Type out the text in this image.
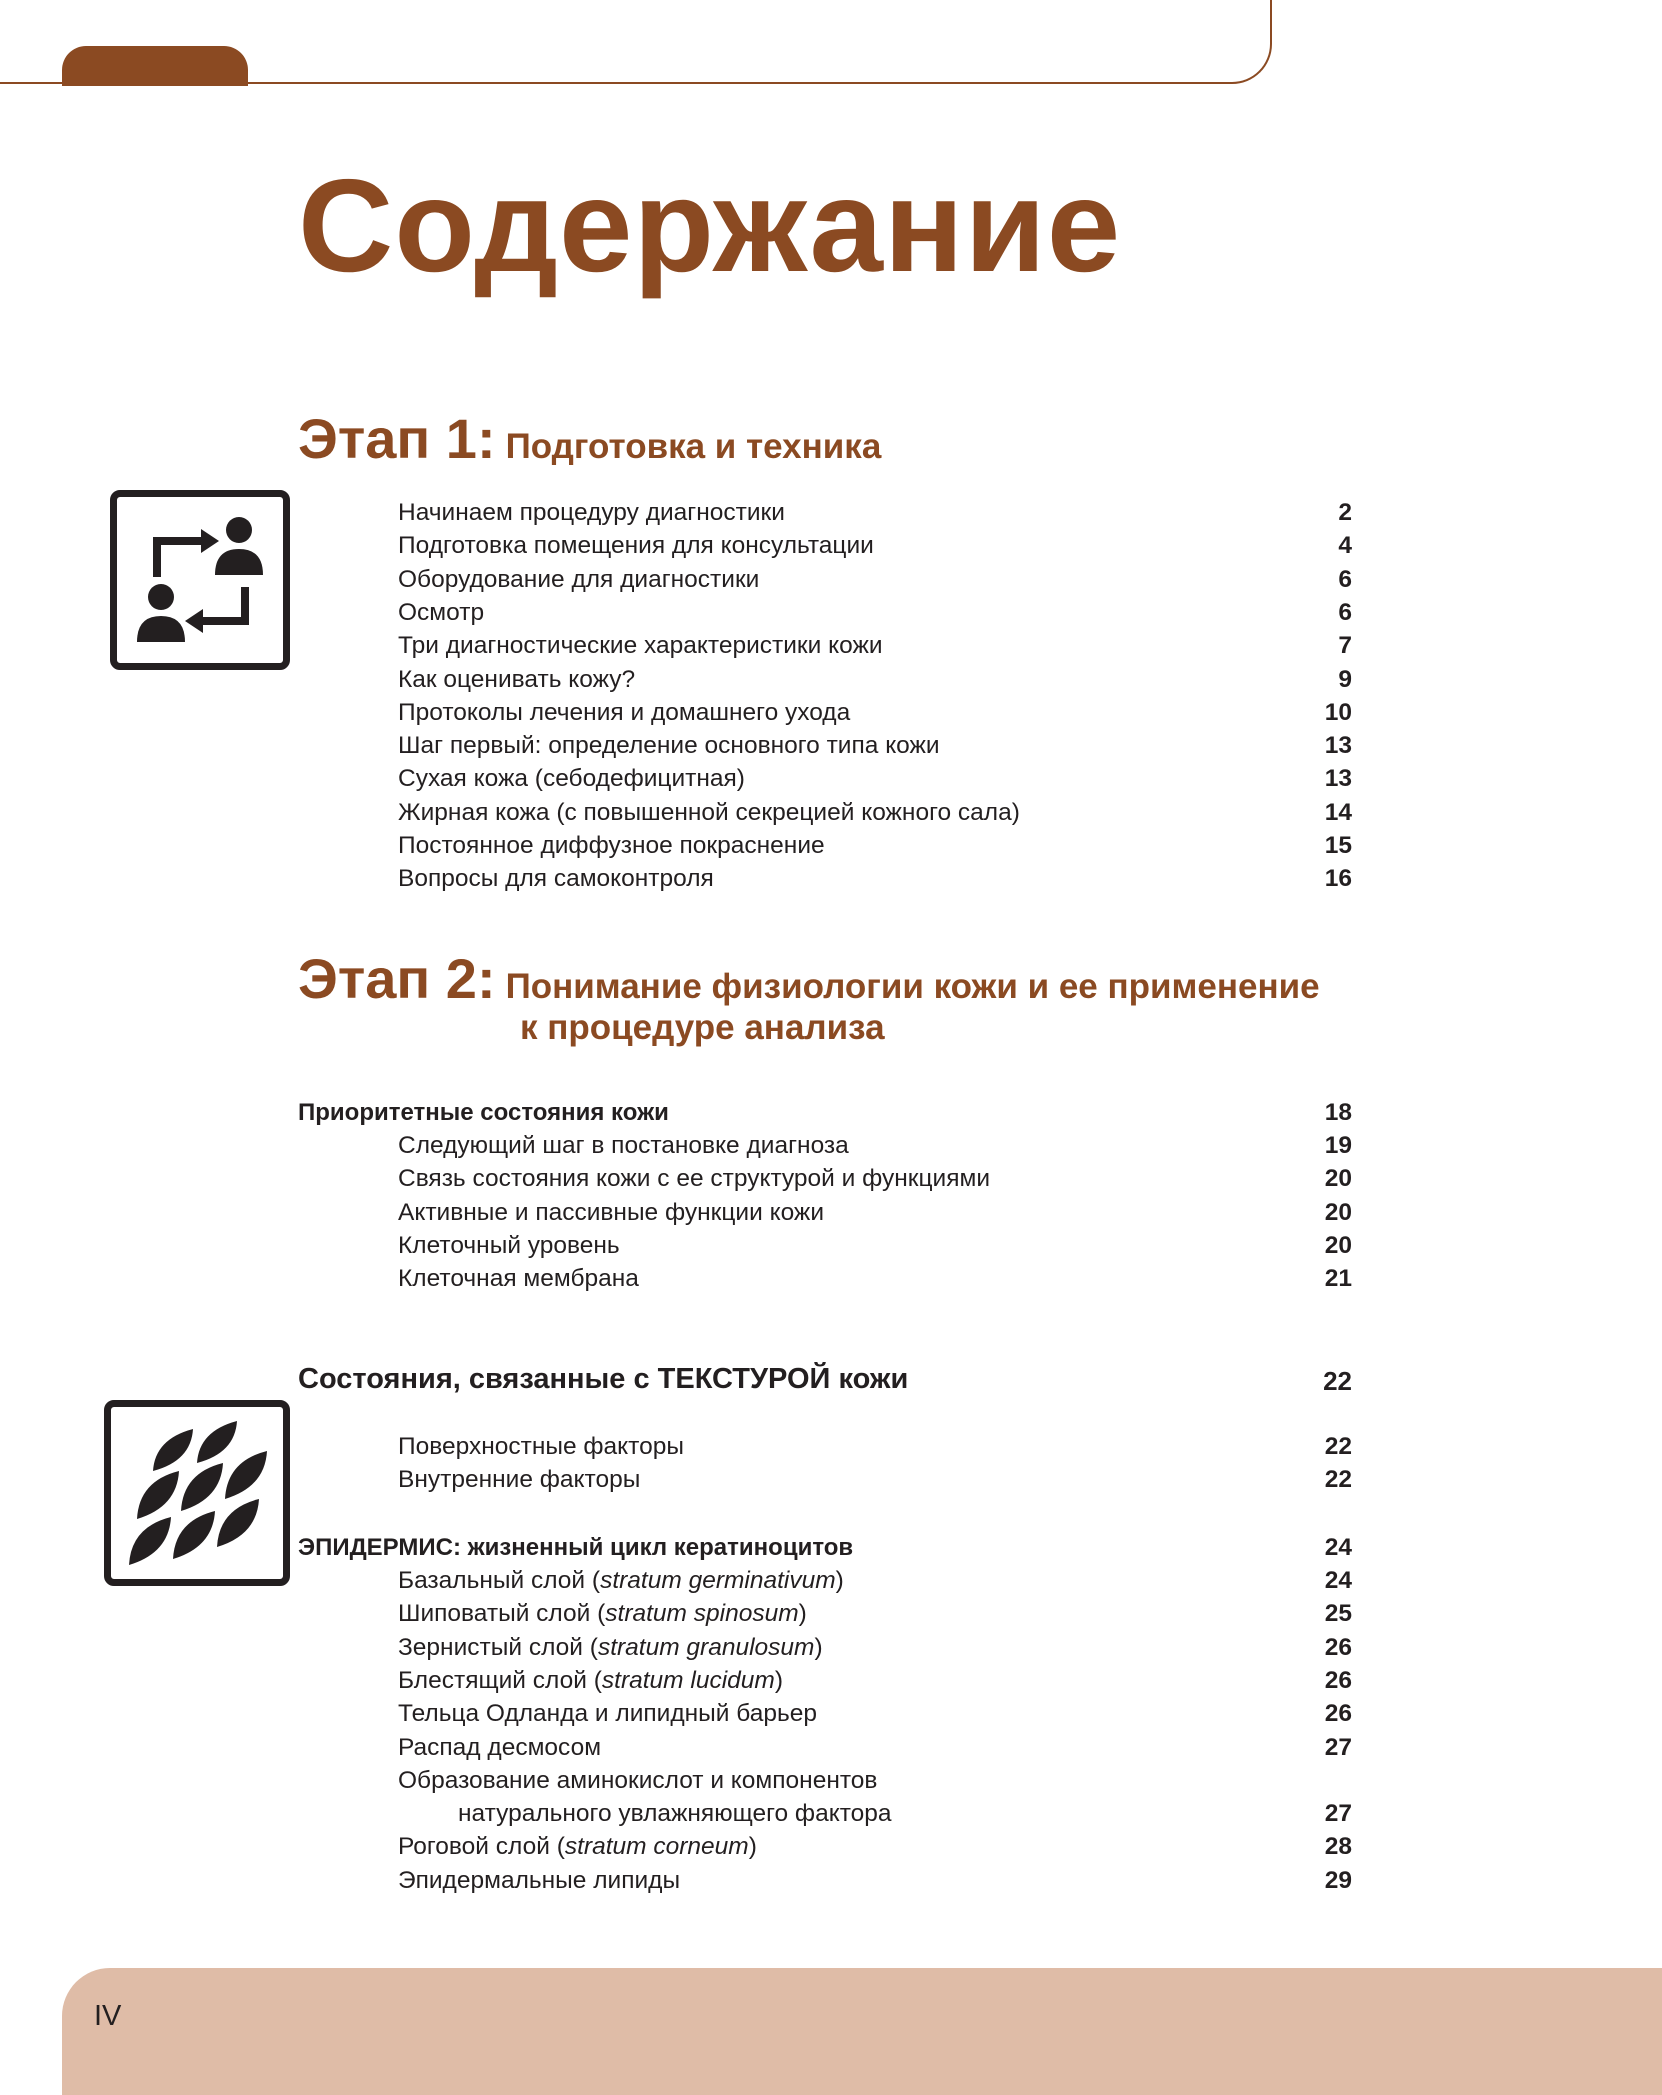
Содержание
Этап 1: Подготовка и техника
Начинаем процедуру диагностики	2
Подготовка помещения для консультации	4
Оборудование для диагностики	6
Осмотр	6
Три диагностические характеристики кожи	7
Как оценивать кожу?	9
Протоколы лечения и домашнего ухода	10
Шаг первый: определение основного типа кожи	13
Сухая кожа (себодефицитная)	13
Жирная кожа (с повышенной секрецией кожного сала)	14
Постоянное диффузное покраснение	15
Вопросы для самоконтроля	16
Этап 2: Понимание физиологии кожи и ее применение
к процедуре анализа
Приоритетные состояния кожи	18
Следующий шаг в постановке диагноза	19
Связь состояния кожи с ее структурой и функциями	20
Активные и пассивные функции кожи	20
Клеточный уровень	20
Клеточная мембрана	21
Состояния, связанные с ТЕКСТУРОЙ кожи	22
Поверхностные факторы	22
Внутренние факторы	22
ЭПИДЕРМИС: жизненный цикл кератиноцитов	24
Базальный слой (stratum germinativum)	24
Шиповатый слой (stratum spinosum)	25
Зернистый слой (stratum granulosum)	26
Блестящий слой (stratum lucidum)	26
Тельца Одланда и липидный барьер	26
Распад десмосом	27
Образование аминокислот и компонентов
натурального увлажняющего фактора	27
Роговой слой (stratum corneum)	28
Эпидермальные липиды	29
IV
